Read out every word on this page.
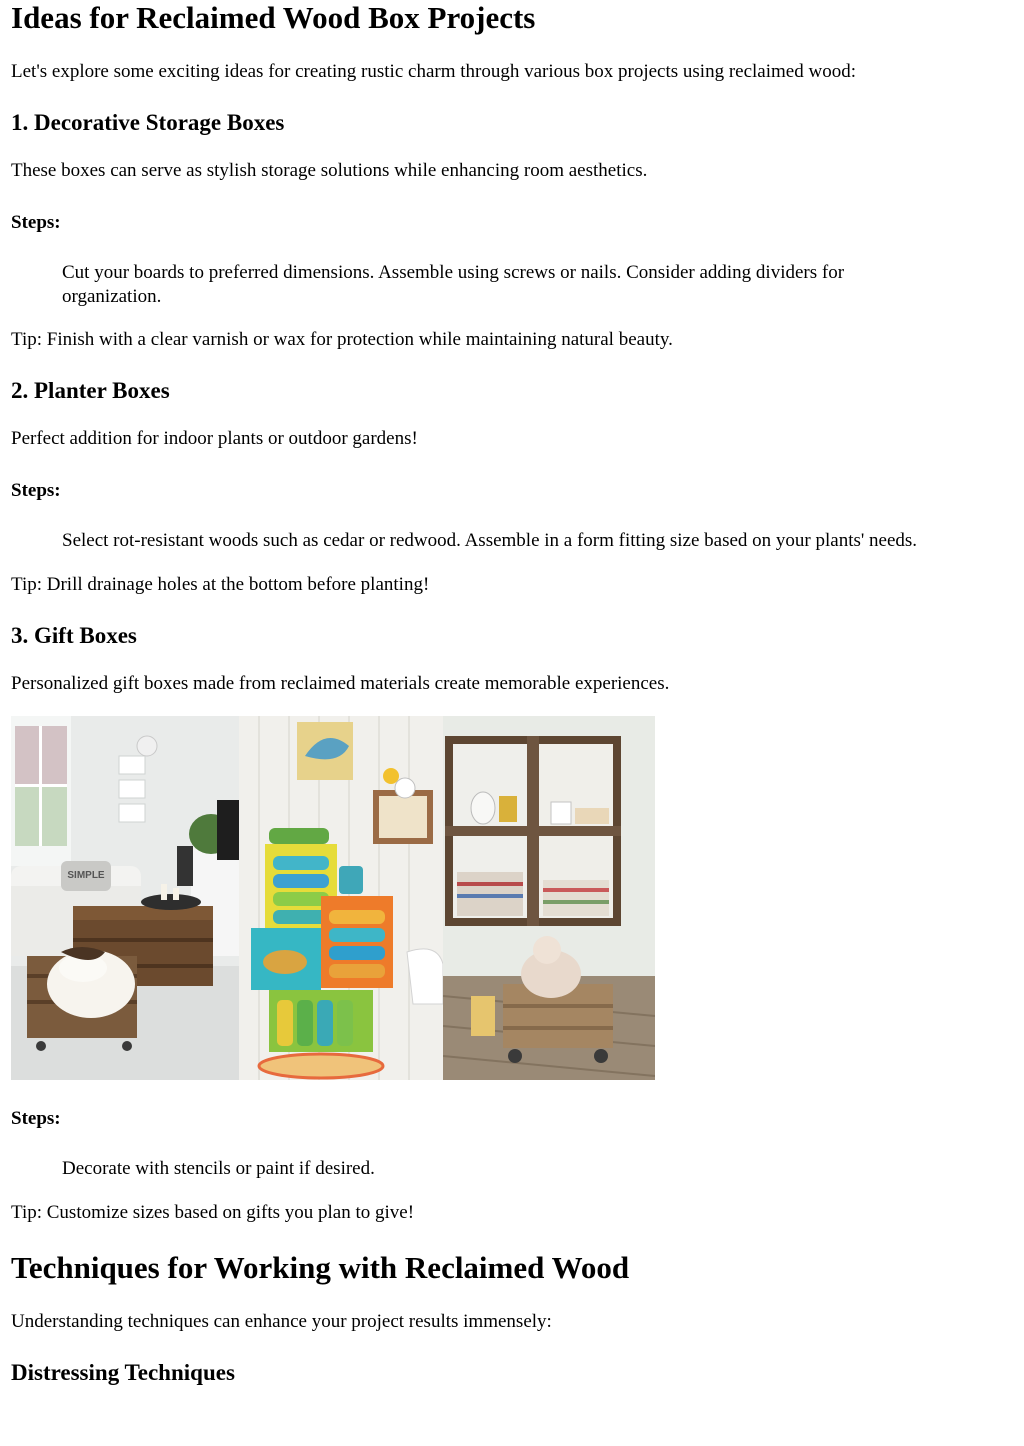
Ideas for Reclaimed Wood Box Projects

Let's explore some exciting ideas for creating rustic charm through various box projects using reclaimed wood:

1. Decorative Storage Boxes

These boxes can serve as stylish storage solutions while enhancing room aesthetics.

Steps:

Cut your boards to preferred dimensions. Assemble using screws or nails. Consider adding dividers for

organization.

Tip: Finish with a clear varnish or wax for protection while maintaining natural beauty.

2. Planter Boxes

Perfect addition for indoor plants or outdoor gardens!

Steps:

Select rot-resistant woods such as cedar or redwood. Assemble in a form fitting size based on your plants' needs.

Tip: Drill drainage holes at the bottom before planting!

3. Gift Boxes

Personalized gift boxes made from reclaimed materials create memorable experiences.

SIMPLE
Steps:

Decorate with stencils or paint if desired.

Tip: Customize sizes based on gifts you plan to give!

Techniques for Working with Reclaimed Wood

Understanding techniques can enhance your project results immensely:

Distressing Techniques
